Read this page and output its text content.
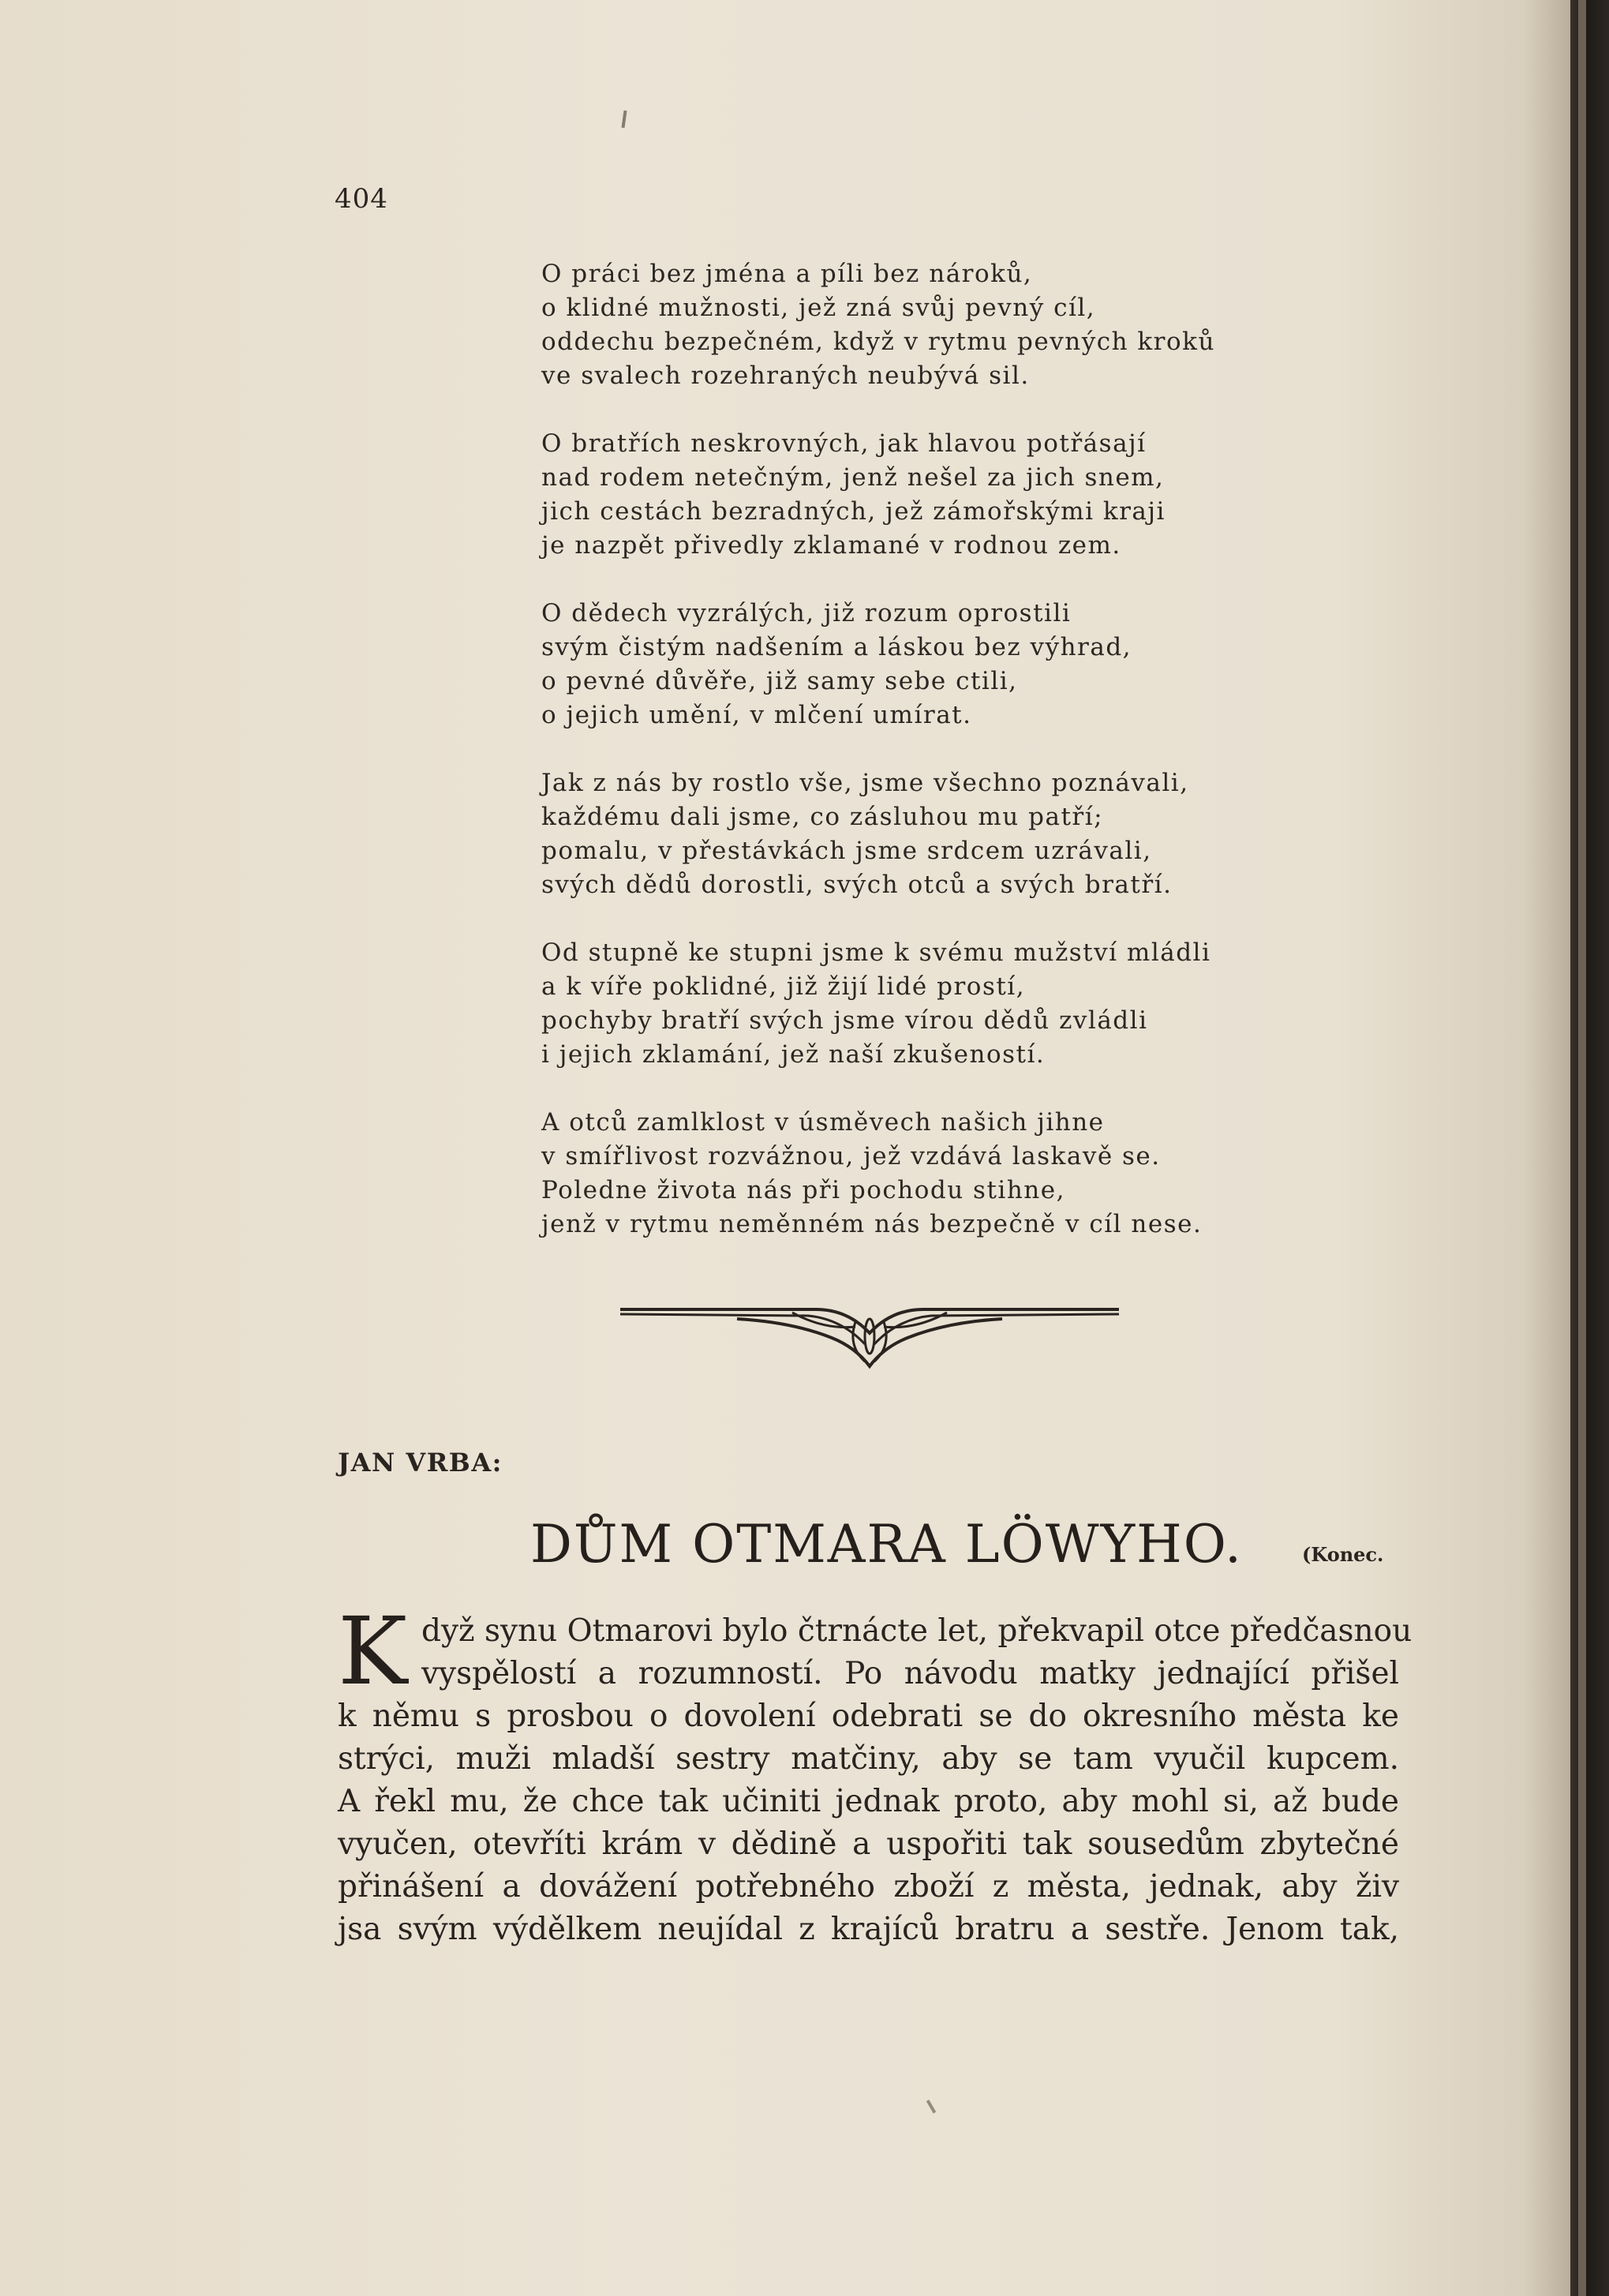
404
O práci bez jména a píli bez nároků,
o klidné mužnosti, jež zná svůj pevný cíl,
oddechu bezpečném, když v rytmu pevných kroků
ve svalech rozehraných neubývá sil.
O bratřích neskrovných, jak hlavou potřásají
nad rodem netečným, jenž nešel za jich snem,
jich cestách bezradných, jež zámořskými kraji
je nazpět přivedly zklamané v rodnou zem.
O dědech vyzrálých, již rozum oprostili
svým čistým nadšením a láskou bez výhrad,
o pevné důvěře, již samy sebe ctili,
o jejich umění, v mlčení umírat.
Jak z nás by rostlo vše, jsme všechno poznávali,
každému dali jsme, co zásluhou mu patří;
pomalu, v přestávkách jsme srdcem uzrávali,
svých dědů dorostli, svých otců a svých bratří.
Od stupně ke stupni jsme k svému mužství mládli
a k víře poklidné, již žijí lidé prostí,
pochyby bratří svých jsme vírou dědů zvládli
i jejich zklamání, jež naší zkušeností.
A otců zamlklost v úsměvech našich jihne
v smířlivost rozvážnou, jež vzdává laskavě se.
Poledne života nás při pochodu stihne,
jenž v rytmu neměnném nás bezpečně v cíl nese.
JAN VRBA:
DŮM OTMARA LÖWYHO.	(Konec.
K dyž synu Otmarovi bylo čtrnácte let, překvapil otce předčasnou
vyspělostí a rozumností. Po návodu matky jednající přišel
k němu s prosbou o dovolení odebrati se do okresního města ke
strýci, muži mladší sestry matčiny, aby se tam vyučil kupcem.
A řekl mu, že chce tak učiniti jednak proto, aby mohl si, až bude
vyučen, otevříti krám v dědině a uspořiti tak sousedům zbytečné
přinášení a dovážení potřebného zboží z města, jednak, aby živ
jsa svým výdělkem neujídal z krajíců bratru a sestře. Jenom tak,
